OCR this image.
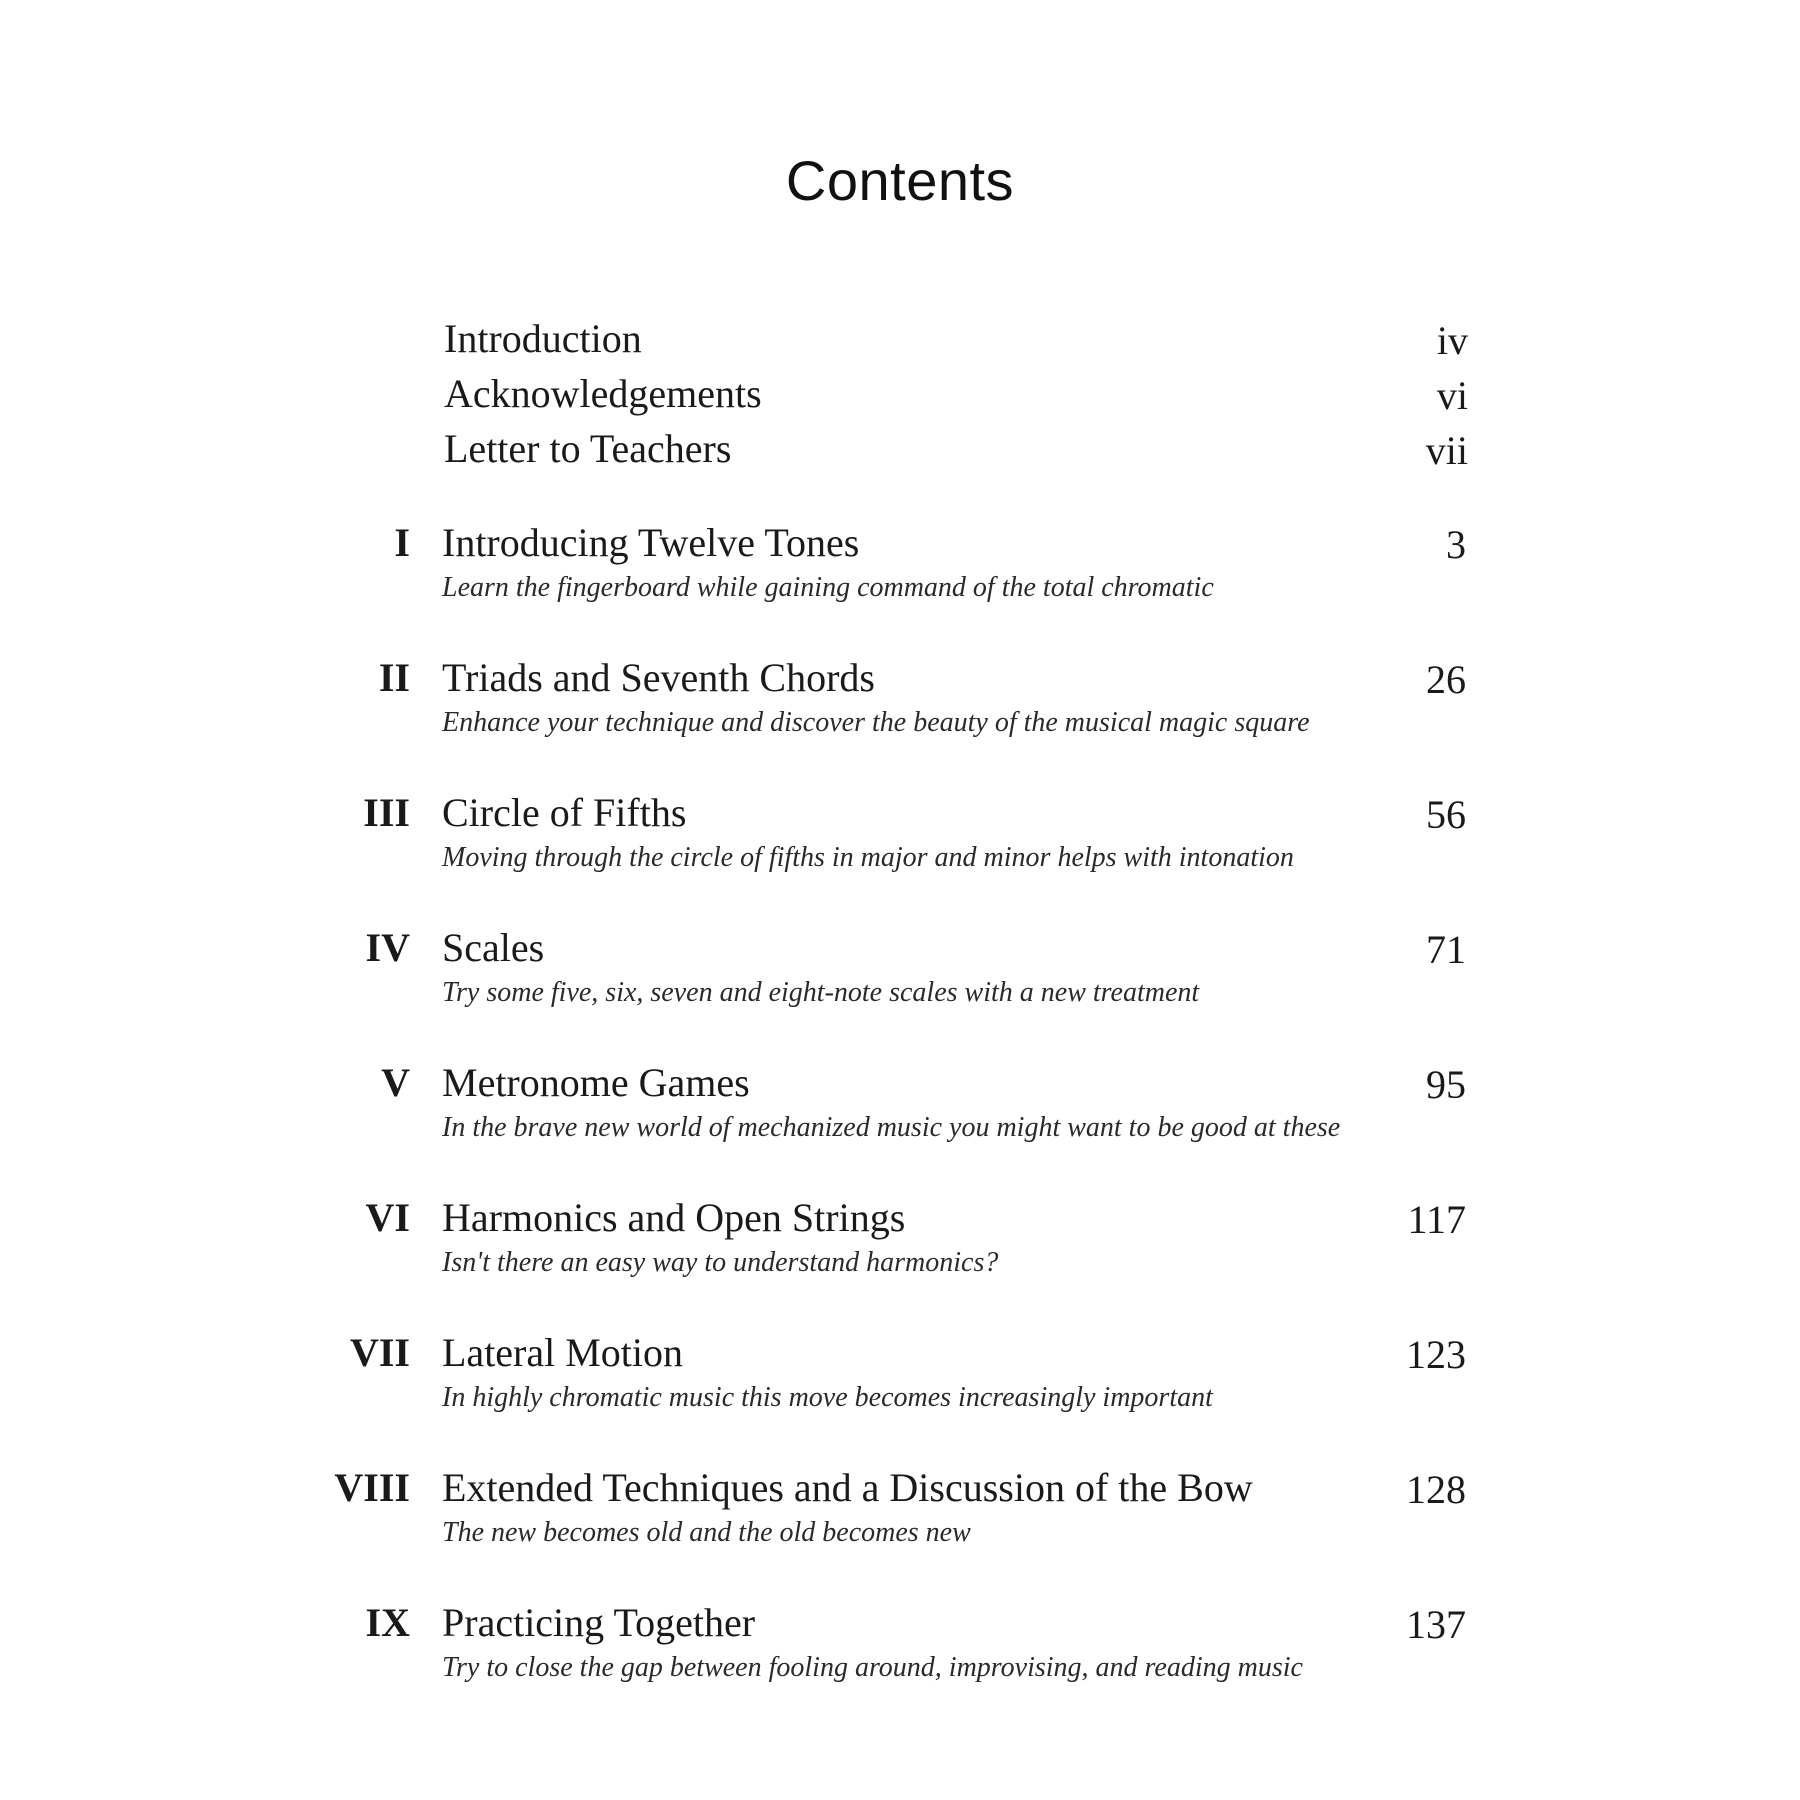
Contents
Introduction	iv
Acknowledgements	vi
Letter to Teachers	vii
I Introducing Twelve Tones	3
Learn the fingerboard while gaining command of the total chromatic
II Triads and Seventh Chords	26
Enhance your technique and discover the beauty of the musical magic square
III Circle of Fifths	56
Moving through the circle of fifths in major and minor helps with intonation
IV Scales	71
Try some five, six, seven and eight-note scales with a new treatment
V Metronome Games	95
In the brave new world of mechanized music you might want to be good at these
VI Harmonics and Open Strings	117
Isn't there an easy way to understand harmonics?
VII Lateral Motion	123
In highly chromatic music this move becomes increasingly important
VIII Extended Techniques and a Discussion of the Bow	128
The new becomes old and the old becomes new
IX Practicing Together	137
Try to close the gap between fooling around, improvising, and reading music
